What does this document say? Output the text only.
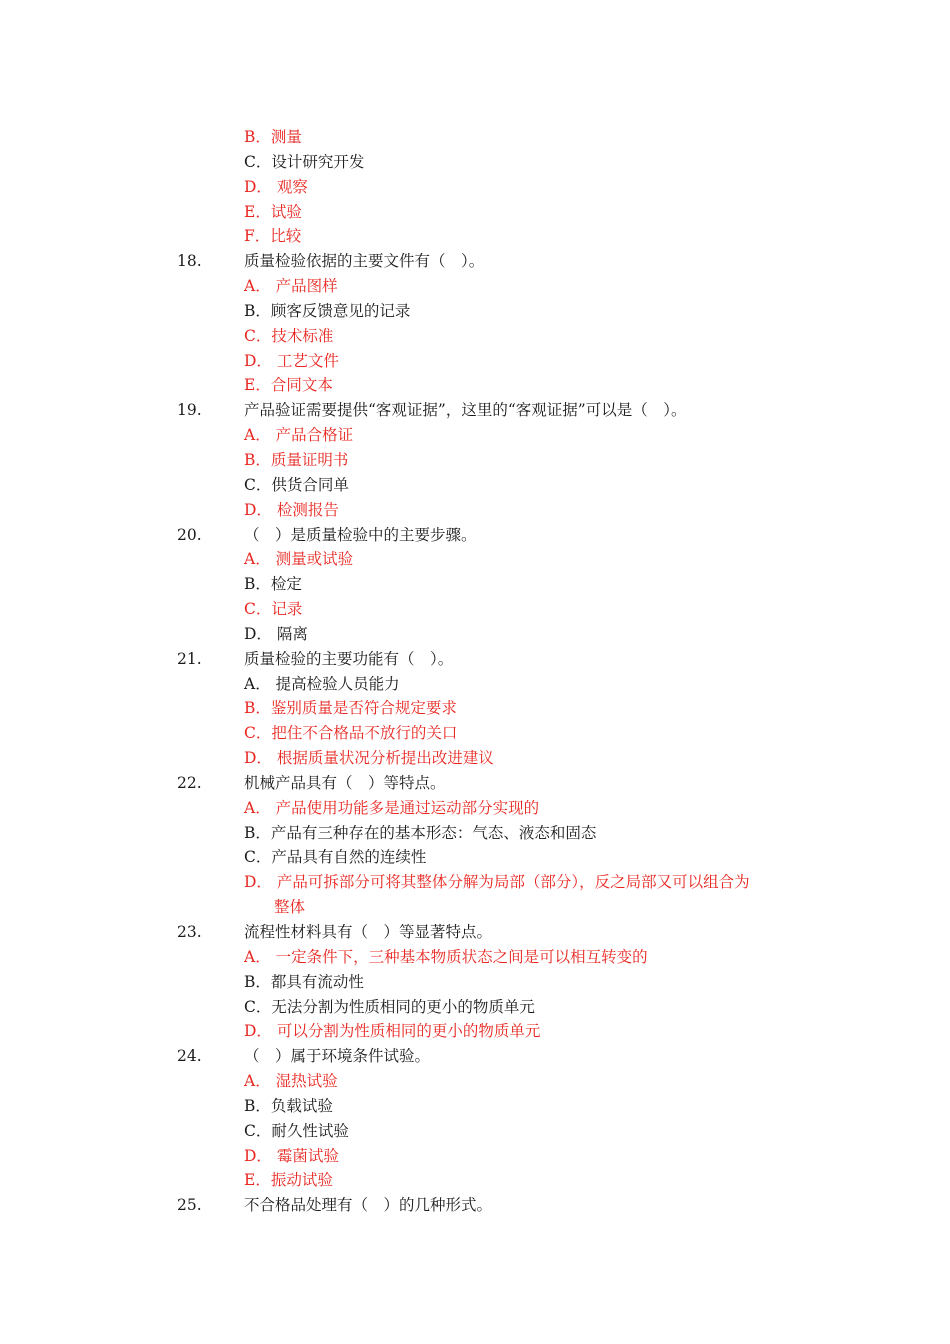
B．测量
C．设计研究开发
D． 观察
E．试验
F．比较
18.	质量检验依据的主要文件有（　）。
A． 产品图样
B．顾客反馈意见的记录
C．技术标准
D． 工艺文件
E．合同文本
19.	产品验证需要提供“客观证据”，这里的“客观证据”可以是（　）。
A． 产品合格证
B．质量证明书
C．供货合同单
D． 检测报告
20.	（　）是质量检验中的主要步骤。
A． 测量或试验
B．检定
C．记录
D． 隔离
21.	质量检验的主要功能有（　）。
A． 提高检验人员能力
B．鉴别质量是否符合规定要求
C．把住不合格品不放行的关口
D． 根据质量状况分析提出改进建议
22.	机械产品具有（　）等特点。
A． 产品使用功能多是通过运动部分实现的
B．产品有三种存在的基本形态：气态、液态和固态
C．产品具有自然的连续性
D． 产品可拆部分可将其整体分解为局部（部分），反之局部又可以组合为
整体
23.	流程性材料具有（　）等显著特点。
A． 一定条件下，三种基本物质状态之间是可以相互转变的
B．都具有流动性
C．无法分割为性质相同的更小的物质单元
D． 可以分割为性质相同的更小的物质单元
24.	（　）属于环境条件试验。
A． 湿热试验
B．负载试验
C．耐久性试验
D． 霉菌试验
E．振动试验
25.	不合格品处理有（　）的几种形式。
